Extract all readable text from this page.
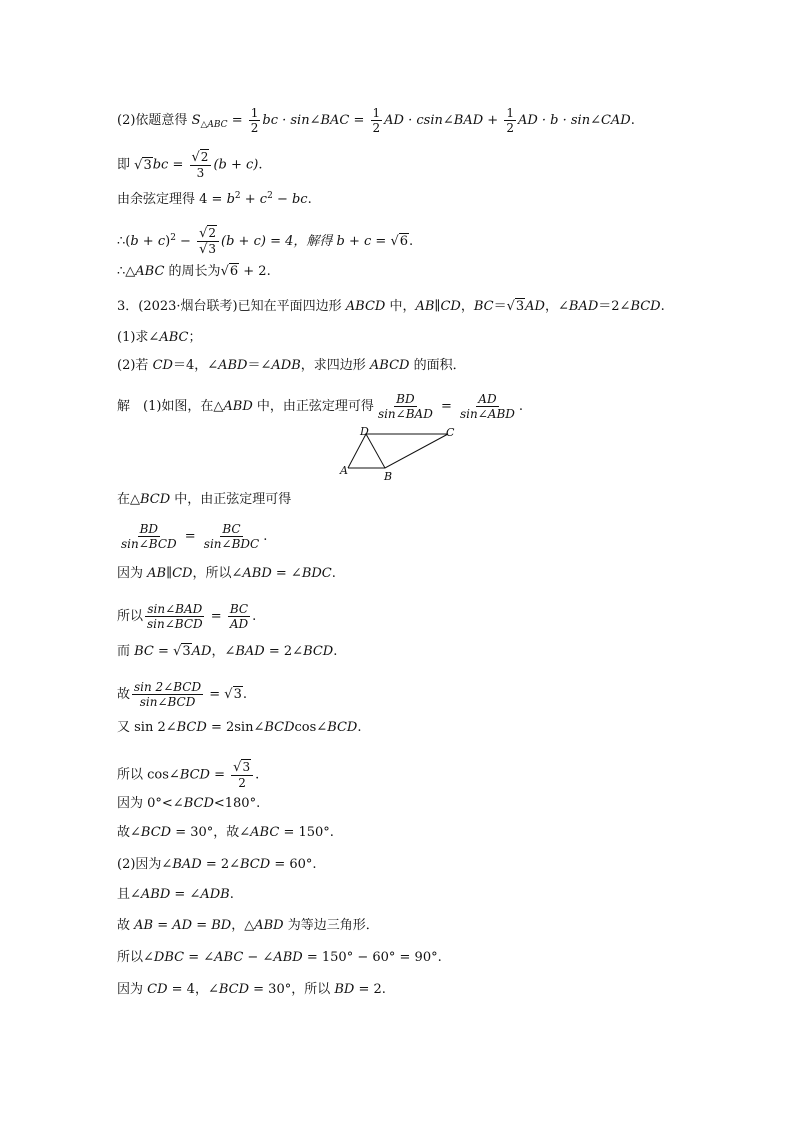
(2)依题意得 $S_{\triangle ABC} = \frac{1}{2}$ bc · sin∠BAC = $\frac{1}{2}$ AD · csin∠BAD + $\frac{1}{2}$ AD · b · sin∠CAD.
即 $√3bc = \frac{√2}{3} (b + c)$.
由余弦定理得 $4 = b^2 + c^2$ − bc.
∴(b + $c)^2 - \frac{√2}{√3} (b + c) = 4$，解得 b + c = √6.
∴△ABC 的周长为√6 + 2.
3．(2023·烟台联考)已知在平面四边形 ABCD 中，AB∥CD，BC＝√3AD，∠BAD＝2∠BCD.
(1)求∠ABC；
(2)若 CD＝4，∠ABD＝∠ADB，求四边形 ABCD 的面积．
解　(1)如图，在△ABD 中，由正弦定理可得 $\frac{BD}{\text{sin∠BAD}} = \frac{AD}{\text{sin∠ABD}}$ .
D	C
A	B
在△BCD 中，由正弦定理可得
$\frac{BD}{\text{sin∠BCD}} = \frac{BC}{\text{sin∠BDC}}$ .
因为 AB∥CD，所以∠ABD = ∠BDC.
所以 $\frac{\text{sin∠BAD}}{\text{sin∠BCD}} = \frac{BC}{AD}$ .
而 BC = √3AD，∠BAD = 2∠BCD.
故 $\frac{\text{sin 2∠BCD}}{\text{sin∠BCD}} = √3$.
又 sin 2∠BCD = 2sin∠BCDcos∠BCD.
所以 cos∠BCD = $\frac{√3}{2}$ .
因为 0°<∠BCD<180°.
故∠BCD = 30°，故∠ABC = 150°.
(2)因为∠BAD = 2∠BCD = 60°.
且∠ABD = ∠ADB.
故 AB = AD = BD，△ABD 为等边三角形．
所以∠DBC = ∠ABC − ∠ABD = 150° − 60° = 90°.
因为 CD = 4，∠BCD = 30°，所以 BD = 2.
